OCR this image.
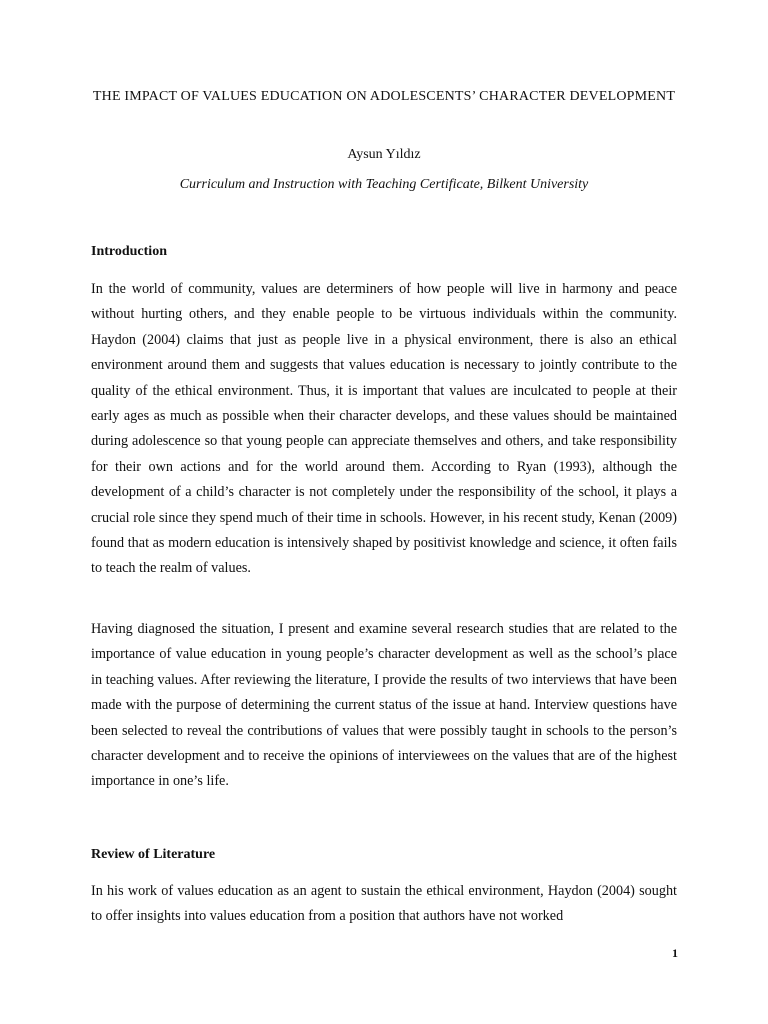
THE IMPACT OF VALUES EDUCATION ON ADOLESCENTS’ CHARACTER DEVELOPMENT
Aysun Yıldız
Curriculum and Instruction with Teaching Certificate, Bilkent University
Introduction

In the world of community, values are determiners of how people will live in harmony and peace without hurting others, and they enable people to be virtuous individuals within the community. Haydon (2004) claims that just as people live in a physical environment, there is also an ethical environment around them and suggests that values education is necessary to jointly contribute to the quality of the ethical environment. Thus, it is important that values are inculcated to people at their early ages as much as possible when their character develops, and these values should be maintained during adolescence so that young people can appreciate themselves and others, and take responsibility for their own actions and for the world around them. According to Ryan (1993), although the development of a child’s character is not completely under the responsibility of the school, it plays a crucial role since they spend much of their time in schools. However, in his recent study, Kenan (2009) found that as modern education is intensively shaped by positivist knowledge and science, it often fails to teach the realm of values.

Having diagnosed the situation, I present and examine several research studies that are related to the importance of value education in young people’s character development as well as the school’s place in teaching values. After reviewing the literature, I provide the results of two interviews that have been made with the purpose of determining the current status of the issue at hand. Interview questions have been selected to reveal the contributions of values that were possibly taught in schools to the person’s character development and to receive the opinions of interviewees on the values that are of the highest importance in one’s life.

Review of Literature

In his work of values education as an agent to sustain the ethical environment, Haydon (2004) sought to offer insights into values education from a position that authors have not worked

1
